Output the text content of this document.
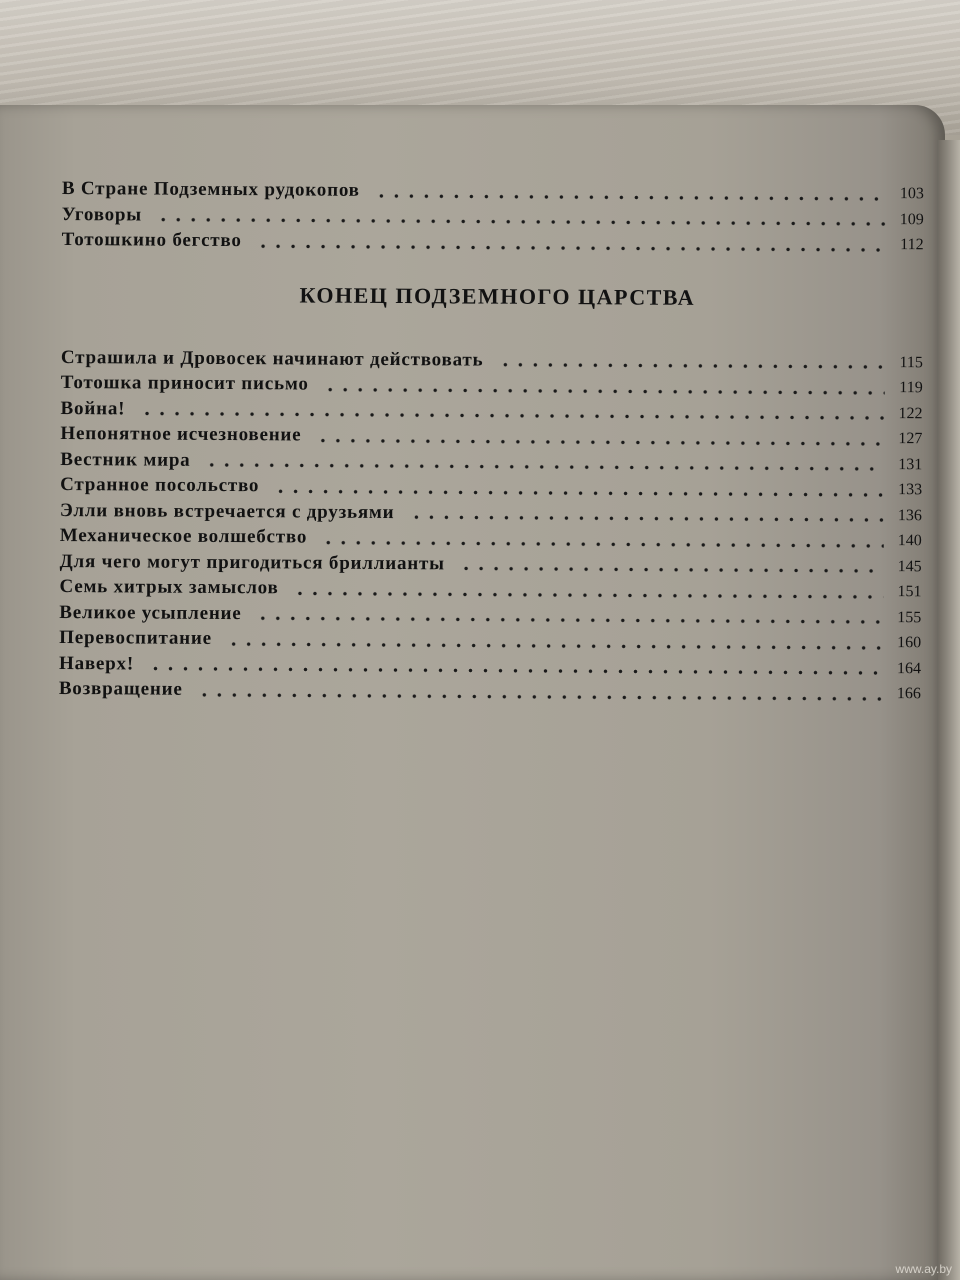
В Стране Подземных рудокопов	103
Уговоры	109
Тотошкино бегство	112
КОНЕЦ ПОДЗЕМНОГО ЦАРСТВА
Страшила и Дровосек начинают действовать	115
Тотошка приносит письмо	119
Война!	122
Непонятное исчезновение	127
Вестник мира	131
Странное посольство	133
Элли вновь встречается с друзьями	136
Механическое волшебство	140
Для чего могут пригодиться бриллианты	145
Семь хитрых замыслов	151
Великое усыпление	155
Перевоспитание	160
Наверх!	164
Возвращение	166
www.ay.by
